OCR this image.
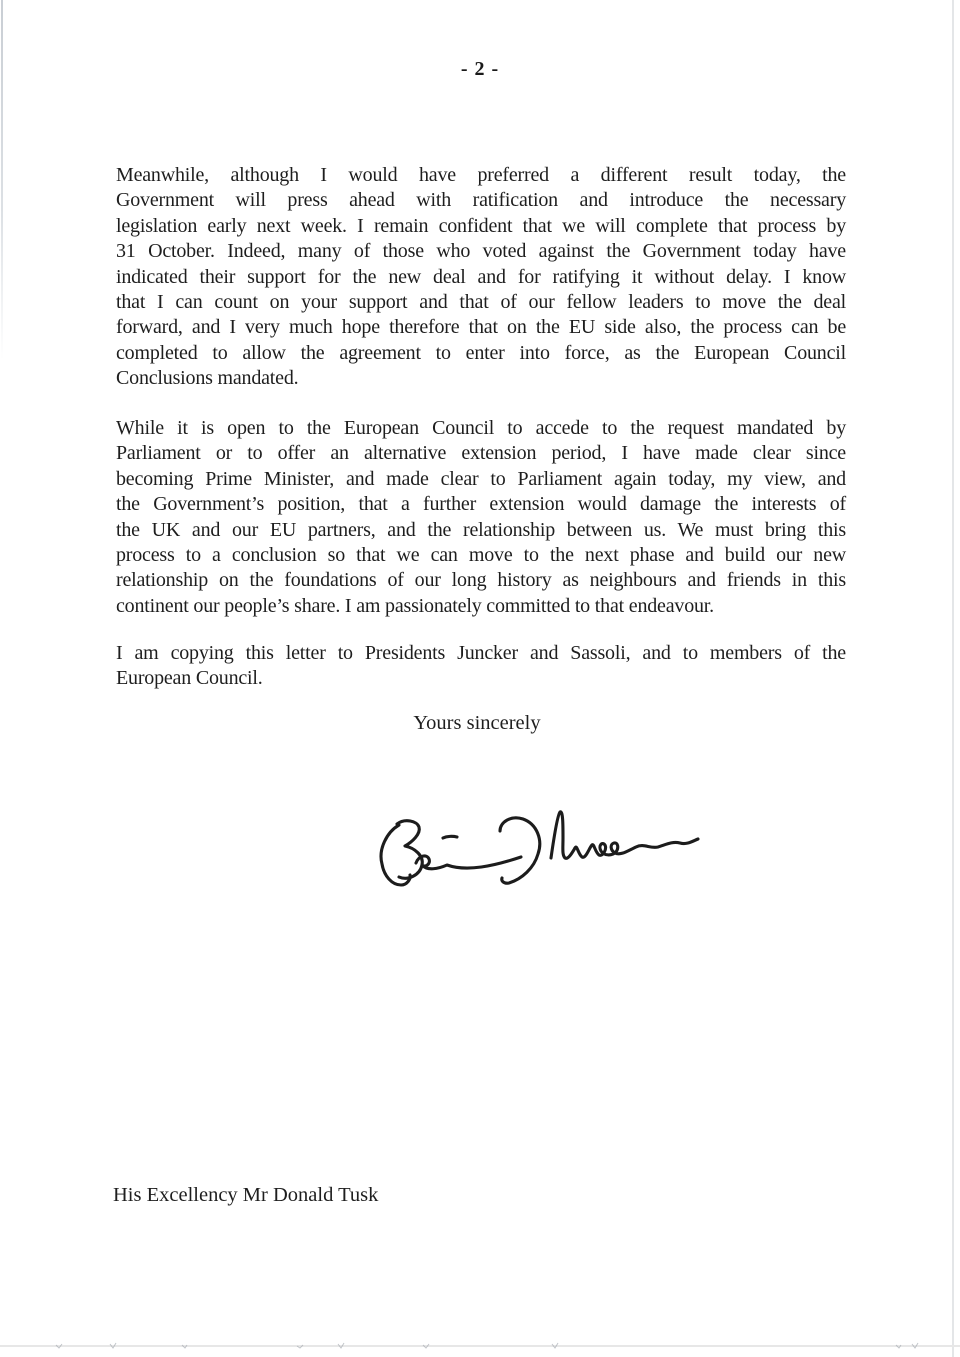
- 2 -
Meanwhile, although I would have preferred a different result today, the
Government will press ahead with ratification and introduce the necessary
legislation early next week. I remain confident that we will complete that process by
31 October. Indeed, many of those who voted against the Government today have
indicated their support for the new deal and for ratifying it without delay. I know
that I can count on your support and that of our fellow leaders to move the deal
forward, and I very much hope therefore that on the EU side also, the process can be
completed to allow the agreement to enter into force, as the European Council
Conclusions mandated.
While it is open to the European Council to accede to the request mandated by
Parliament or to offer an alternative extension period, I have made clear since
becoming Prime Minister, and made clear to Parliament again today, my view, and
the Government’s position, that a further extension would damage the interests of
the UK and our EU partners, and the relationship between us. We must bring this
process to a conclusion so that we can move to the next phase and build our new
relationship on the foundations of our long history as neighbours and friends in this
continent our people’s share. I am passionately committed to that endeavour.
I am copying this letter to Presidents Juncker and Sassoli, and to members of the
European Council.
Yours sincerely
His Excellency Mr Donald Tusk
